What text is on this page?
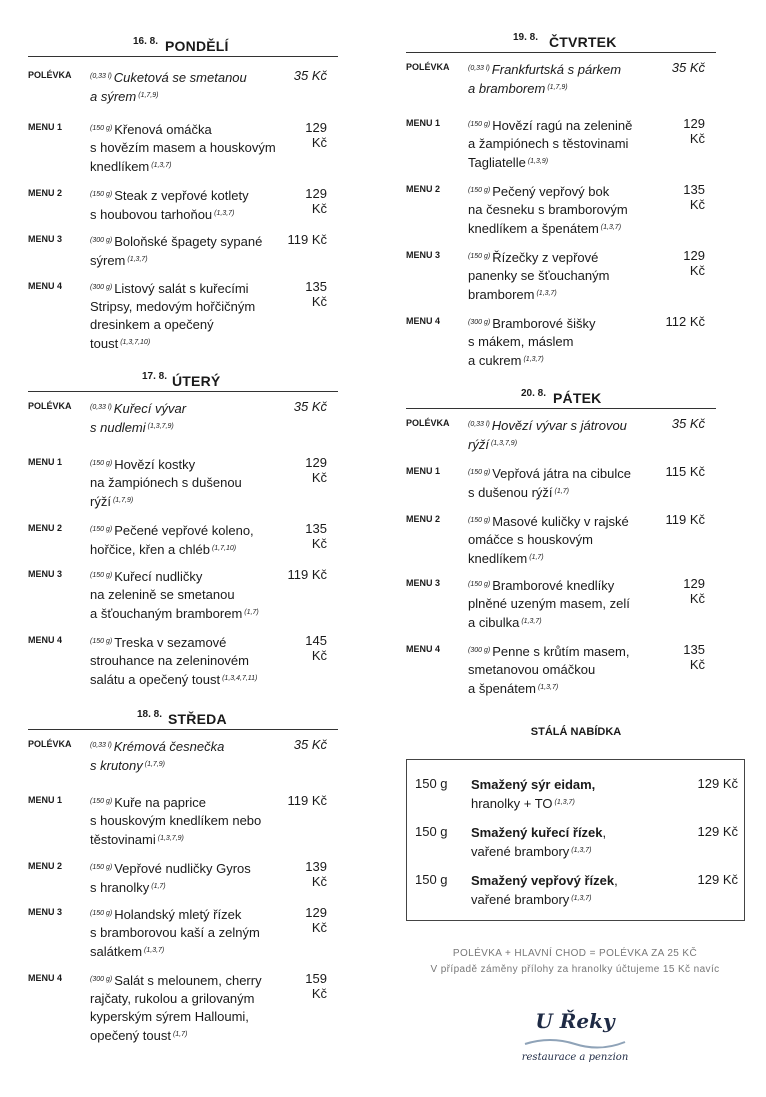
16. 8. PONDĚLÍ
POLÉVKA	$^{(0,33 l)}$ Cuketová se smetanou
a sýrem $^{(1,7,9)}$
35 Kč
MENU 1	$^{(150 g)}$ Křenová omáčka
s hovězím masem a houskovým
knedlíkem $^{(1,3,7)}$
129 Kč
MENU 2	$^{(150 g)}$ Steak z vepřové kotlety
s houbovou tarhoňou $^{(1,3,7)}$
129 Kč
MENU 3	$^{(300 g)}$ Boloňské špagety sypané
sýrem $^{(1,3,7)}$
119 Kč
MENU 4	$^{(300 g)}$ Listový salát s kuřecími
Stripsy, medovým hořčičným
dresinkem a opečený
toust $^{(1,3,7,10)}$
135 Kč
17. 8. ÚTERÝ
POLÉVKA	$^{(0,33 l)}$ Kuřecí vývar
s nudlemi $^{(1,3,7,9)}$
35 Kč
MENU 1	$^{(150 g)}$ Hovězí kostky
na žampiónech s dušenou
rýží $^{(1,7,9)}$
129 Kč
MENU 2	$^{(150 g)}$ Pečené vepřové koleno,
hořčice, křen a chléb $^{(1,7,10)}$
135 Kč
MENU 3	$^{(150 g)}$ Kuřecí nudličky
na zelenině se smetanou
a šťouchaným bramborem $^{(1,7)}$
119 Kč
MENU 4	$^{(150 g)}$ Treska v sezamové
strouhance na zeleninovém
salátu a opečený toust $^{(1,3,4,7,11)}$
145 Kč
18. 8. STŘEDA
POLÉVKA	$^{(0,33 l)}$ Krémová česnečka
s krutony $^{(1,7,9)}$
35 Kč
MENU 1	$^{(150 g)}$ Kuře na paprice
s houskovým knedlíkem nebo
těstovinami $^{(1,3,7,9)}$
119 Kč
MENU 2	$^{(150 g)}$ Vepřové nudličky Gyros
s hranolky $^{(1,7)}$
139 Kč
MENU 3	$^{(150 g)}$ Holandský mletý řízek
s bramborovou kaší a zelným
salátkem $^{(1,3,7)}$
129 Kč
MENU 4	$^{(300 g)}$ Salát s melounem, cherry
rajčaty, rukolou a grilovaným
kyperským sýrem Halloumi,
opečený toust $^{(1,7)}$
159 Kč
19. 8. ČTVRTEK
POLÉVKA	$^{(0,33 l)}$ Frankfurtská s párkem
a bramborem $^{(1,7,9)}$
35 Kč
MENU 1	$^{(150 g)}$ Hovězí ragú na zelenině
a žampiónech s těstovinami
Tagliatelle $^{(1,3,9)}$
129 Kč
MENU 2	$^{(150 g)}$ Pečený vepřový bok
na česneku s bramborovým
knedlíkem a špenátem $^{(1,3,7)}$
135 Kč
MENU 3	$^{(150 g)}$ Řízečky z vepřové
panenky se šťouchaným
bramborem $^{(1,3,7)}$
129 Kč
MENU 4	$^{(300 g)}$ Bramborové šišky
s mákem, máslem
a cukrem $^{(1,3,7)}$
112 Kč
20. 8. PÁTEK
POLÉVKA	$^{(0,33 l)}$ Hovězí vývar s játrovou
rýží $^{(1,3,7,9)}$
35 Kč
MENU 1	$^{(150 g)}$ Vepřová játra na cibulce
s dušenou rýží $^{(1,7)}$
115 Kč
MENU 2	$^{(150 g)}$ Masové kuličky v rajské
omáčce s houskovým
knedlíkem $^{(1,7)}$
119 Kč
MENU 3	$^{(150 g)}$ Bramborové knedlíky
plněné uzeným masem, zelí
a cibulka $^{(1,3,7)}$
129 Kč
MENU 4	$^{(300 g)}$ Penne s krůtím masem,
smetanovou omáčkou
a špenátem $^{(1,3,7)}$
135 Kč
STÁLÁ NABÍDKA
150 g Smažený sýr eidam,
hranolky + TO $^{(1,3,7)}$
129 Kč
150 g Smažený kuřecí řízek,
vařené brambory $^{(1,3,7)}$
129 Kč
150 g Smažený vepřový řízek,
vařené brambory $^{(1,3,7)}$
129 Kč
POLÉVKA + HLAVNÍ CHOD = POLÉVKA ZA 25 KČ
V případě záměny přílohy za hranolky účtujeme 15 Kč navíc
U Řeky
restaurace a penzion
